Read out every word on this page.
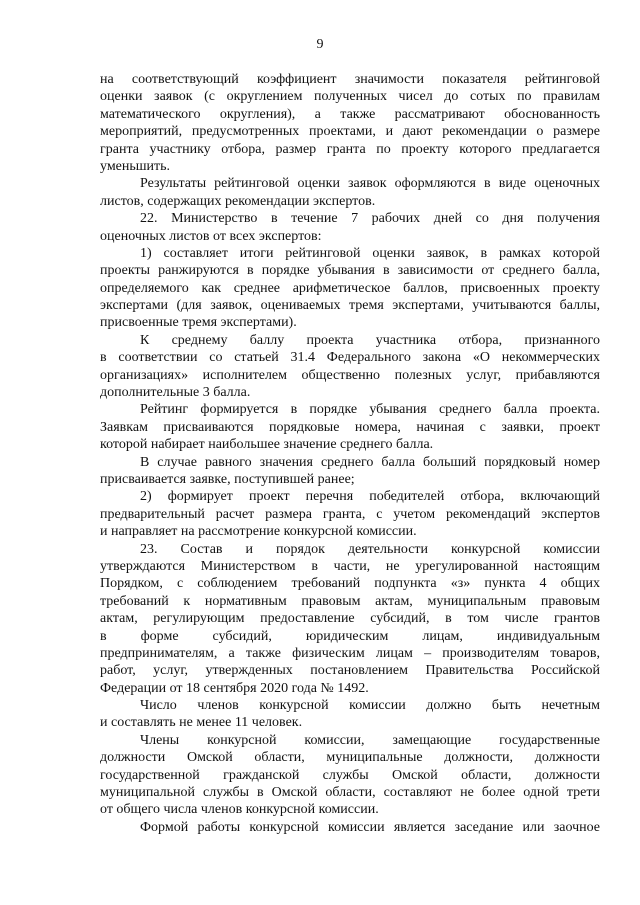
9
на соответствующий коэффициент значимости показателя рейтинговой
оценки заявок (с округлением полученных чисел до сотых по правилам
математического округления), а также рассматривают обоснованность
мероприятий, предусмотренных проектами, и дают рекомендации о размере
гранта участнику отбора, размер гранта по проекту которого предлагается
уменьшить.
Результаты рейтинговой оценки заявок оформляются в виде оценочных
листов, содержащих рекомендации экспертов.
22. Министерство в течение 7 рабочих дней со дня получения
оценочных листов от всех экспертов:
1) составляет итоги рейтинговой оценки заявок, в рамках которой
проекты ранжируются в порядке убывания в зависимости от среднего балла,
определяемого как среднее арифметическое баллов, присвоенных проекту
экспертами (для заявок, оцениваемых тремя экспертами, учитываются баллы,
присвоенные тремя экспертами).
К среднему баллу проекта участника отбора, признанного
в соответствии со статьей 31.4 Федерального закона «О некоммерческих
организациях» исполнителем общественно полезных услуг, прибавляются
дополнительные 3 балла.
Рейтинг формируется в порядке убывания среднего балла проекта.
Заявкам присваиваются порядковые номера, начиная с заявки, проект
которой набирает наибольшее значение среднего балла.
В случае равного значения среднего балла больший порядковый номер
присваивается заявке, поступившей ранее;
2) формирует проект перечня победителей отбора, включающий
предварительный расчет размера гранта, с учетом рекомендаций экспертов
и направляет на рассмотрение конкурсной комиссии.
23. Состав и порядок деятельности конкурсной комиссии
утверждаются Министерством в части, не урегулированной настоящим
Порядком, с соблюдением требований подпункта «з» пункта 4 общих
требований к нормативным правовым актам, муниципальным правовым
актам, регулирующим предоставление субсидий, в том числе грантов
в форме субсидий, юридическим лицам, индивидуальным
предпринимателям, а также физическим лицам – производителям товаров,
работ, услуг, утвержденных постановлением Правительства Российской
Федерации от 18 сентября 2020 года № 1492.
Число членов конкурсной комиссии должно быть нечетным
и составлять не менее 11 человек.
Члены конкурсной комиссии, замещающие государственные
должности Омской области, муниципальные должности, должности
государственной гражданской службы Омской области, должности
муниципальной службы в Омской области, составляют не более одной трети
от общего числа членов конкурсной комиссии.
Формой работы конкурсной комиссии является заседание или заочное
